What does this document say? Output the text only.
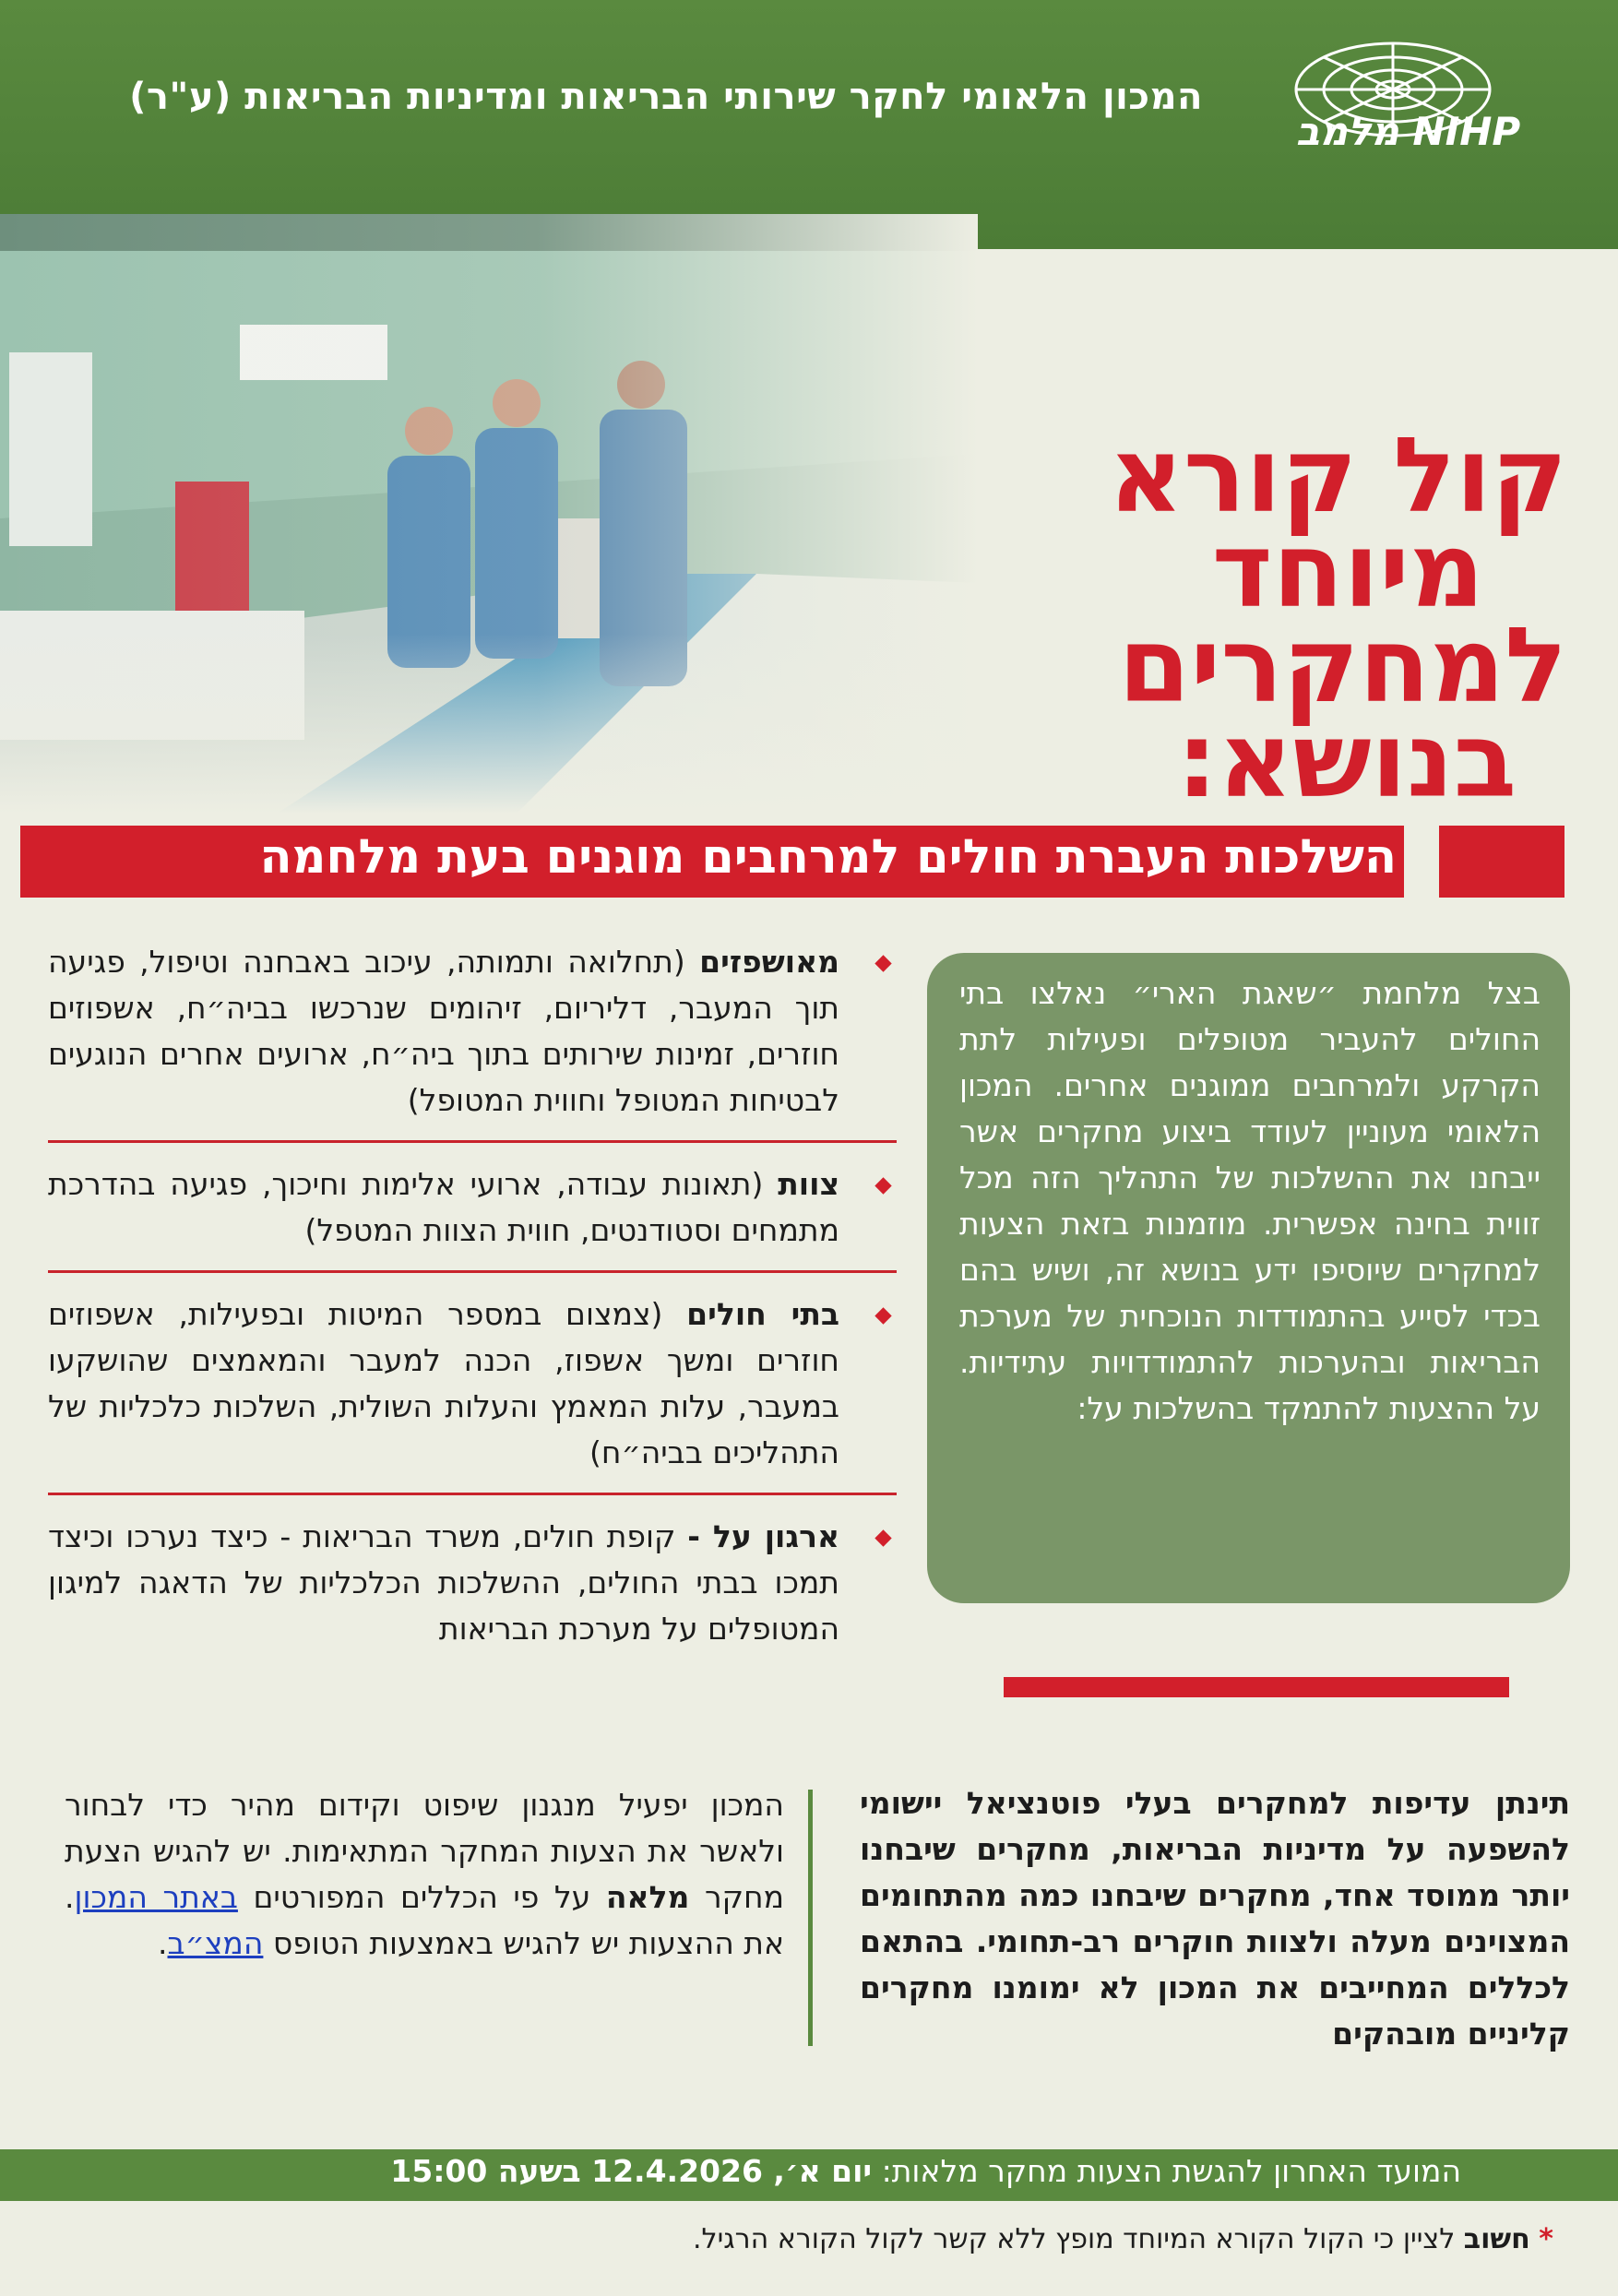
המכון הלאומי לחקר שירותי הבריאות ומדיניות הבריאות (ע"ר)
מלמב NIHP
קול קורא
מיוחד
למחקרים
בנושא:
השלכות העברת חולים למרחבים מוגנים בעת מלחמה
בצל מלחמת ״שאגת הארי״ נאלצו בתי החולים להעביר מטופלים ופעילות לתת הקרקע ולמרחבים ממוגנים אחרים. המכון הלאומי מעוניין לעודד ביצוע מחקרים אשר ייבחנו את ההשלכות של התהליך הזה מכל זווית בחינה אפשרית. מוזמנות בזאת הצעות למחקרים שיוסיפו ידע בנושא זה, ושיש בהם בכדי לסייע בהתמודדות הנוכחית של מערכת הבריאות ובהערכות להתמודדויות עתידיות. על ההצעות להתמקד בהשלכות על:
מאושפזים (תחלואה ותמותה, עיכוב באבחנה וטיפול, פגיעה תוך המעבר, דליריום, זיהומים שנרכשו בביה״ח, אשפוזים חוזרים, זמינות שירותים בתוך ביה״ח, ארועים אחרים הנוגעים לבטיחות המטופל וחווית המטופל)
צוות (תאונות עבודה, ארועי אלימות וחיכוך, פגיעה בהדרכת מתמחים וסטודנטים, חווית הצוות המטפל)
בתי חולים (צמצום במספר המיטות ובפעילות, אשפוזים חוזרים ומשך אשפוז, הכנה למעבר והמאמצים שהושקעו במעבר, עלות המאמץ והעלות השולית, השלכות כלכליות של התהליכים בביה״ח)
ארגון על - קופת חולים, משרד הבריאות - כיצד נערכו וכיצד תמכו בבתי החולים, ההשלכות הכלכליות של הדאגה למיגון המטופלים על מערכת הבריאות
תינתן עדיפות למחקרים בעלי פוטנציאל יישומי להשפעה על מדיניות הבריאות, מחקרים שיבחנו יותר ממוסד אחד, מחקרים שיבחנו כמה מהתחומים המצוינים מעלה ולצוות חוקרים רב-תחומי. בהתאם לכללים המחייבים את המכון לא ימומנו מחקרים קליניים מובהקים
המכון יפעיל מנגנון שיפוט וקידום מהיר כדי לבחור ולאשר את הצעות המחקר המתאימות. יש להגיש הצעת מחקר מלאה על פי הכללים המפורטים באתר המכון. את ההצעות יש להגיש באמצעות הטופס המצ״ב.
המועד האחרון להגשת הצעות מחקר מלאות: יום א׳, 12.4.2026 בשעה 15:00
* חשוב לציין כי הקול הקורא המיוחד מופץ ללא קשר לקול הקורא הרגיל.
